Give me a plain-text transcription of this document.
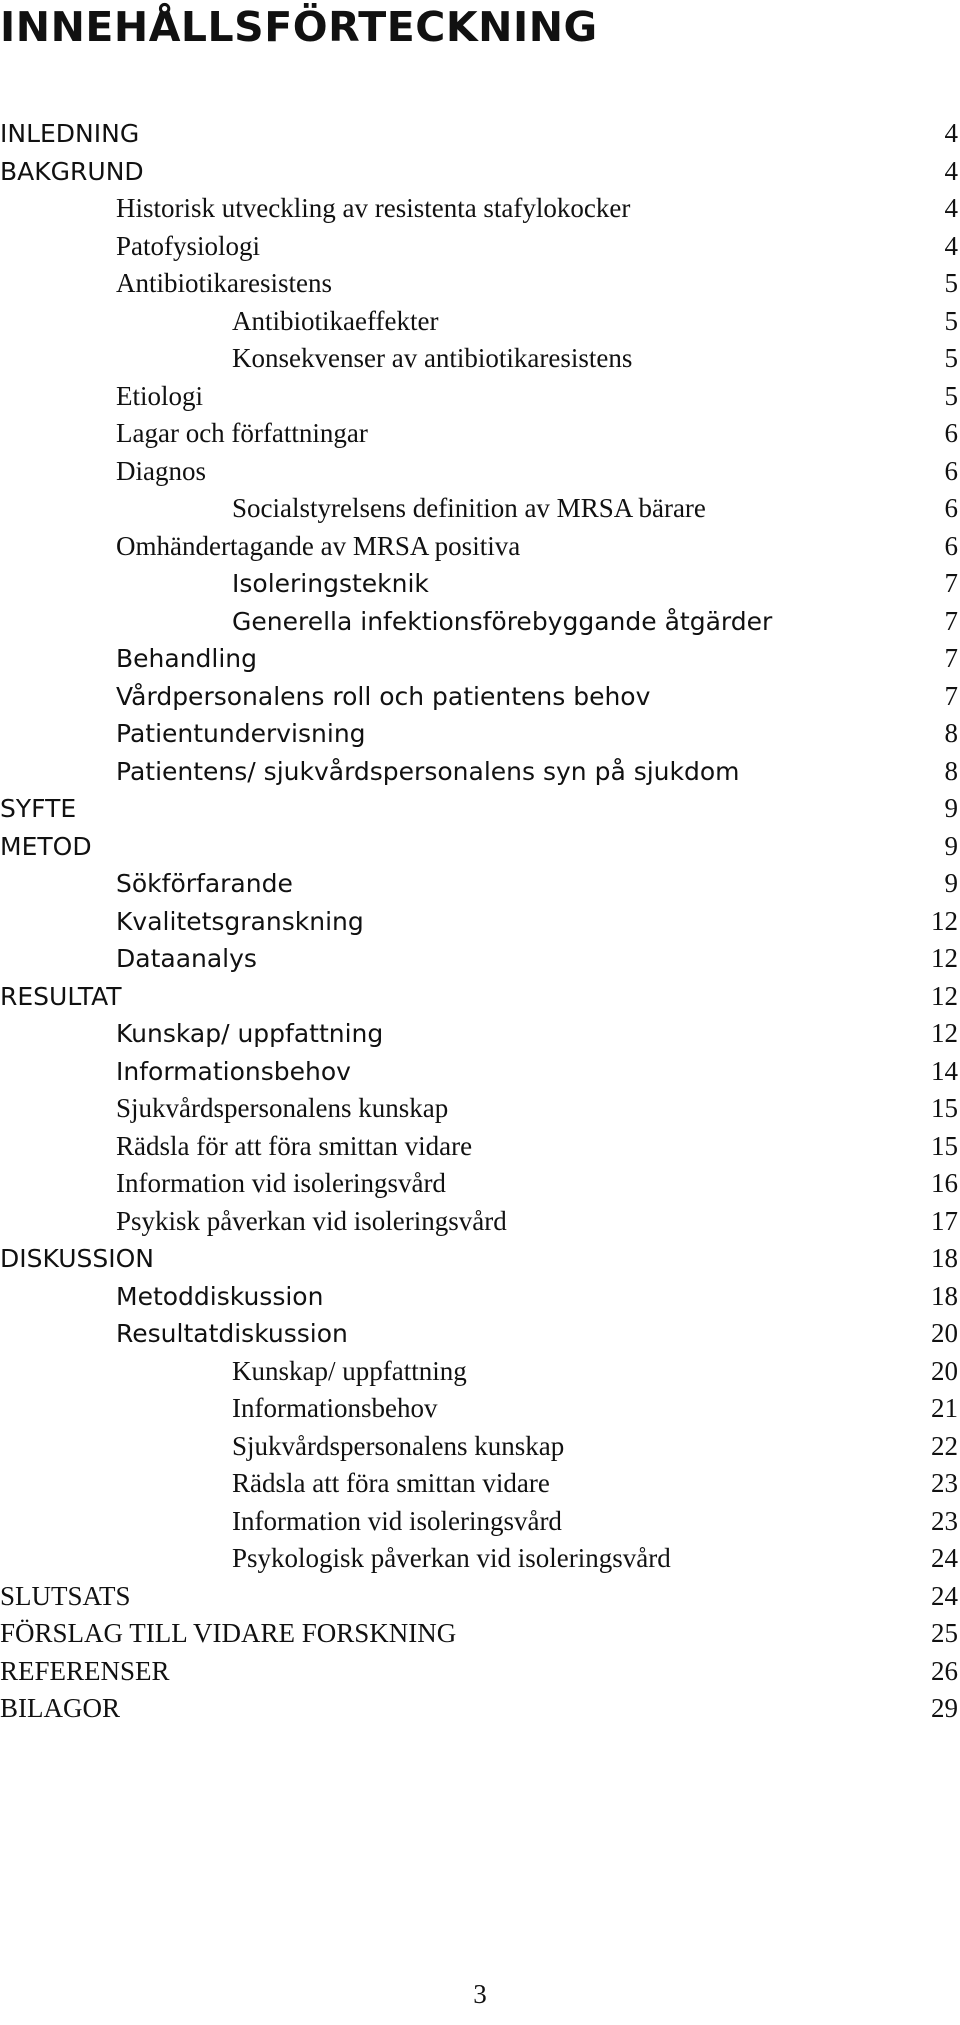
INNEHÅLLSFÖRTECKNING
INLEDNING	4
BAKGRUND	4
Historisk utveckling av resistenta stafylokocker	4
Patofysiologi	4
Antibiotikaresistens	5
Antibiotikaeffekter	5
Konsekvenser av antibiotikaresistens	5
Etiologi	5
Lagar och författningar	6
Diagnos	6
Socialstyrelsens definition av MRSA bärare	6
Omhändertagande av MRSA positiva	6
Isoleringsteknik	7
Generella infektionsförebyggande åtgärder	7
Behandling	7
Vårdpersonalens roll och patientens behov	7
Patientundervisning	8
Patientens/ sjukvårdspersonalens syn på sjukdom	8
SYFTE	9
METOD	9
Sökförfarande	9
Kvalitetsgranskning	12
Dataanalys	12
RESULTAT	12
Kunskap/ uppfattning	12
Informationsbehov	14
Sjukvårdspersonalens kunskap	15
Rädsla för att föra smittan vidare	15
Information vid isoleringsvård	16
Psykisk påverkan vid isoleringsvård	17
DISKUSSION	18
Metoddiskussion	18
Resultatdiskussion	20
Kunskap/ uppfattning	20
Informationsbehov	21
Sjukvårdspersonalens kunskap	22
Rädsla att föra smittan vidare	23
Information vid isoleringsvård	23
Psykologisk påverkan vid isoleringsvård	24
SLUTSATS	24
FÖRSLAG TILL VIDARE FORSKNING	25
REFERENSER	26
BILAGOR	29
3
